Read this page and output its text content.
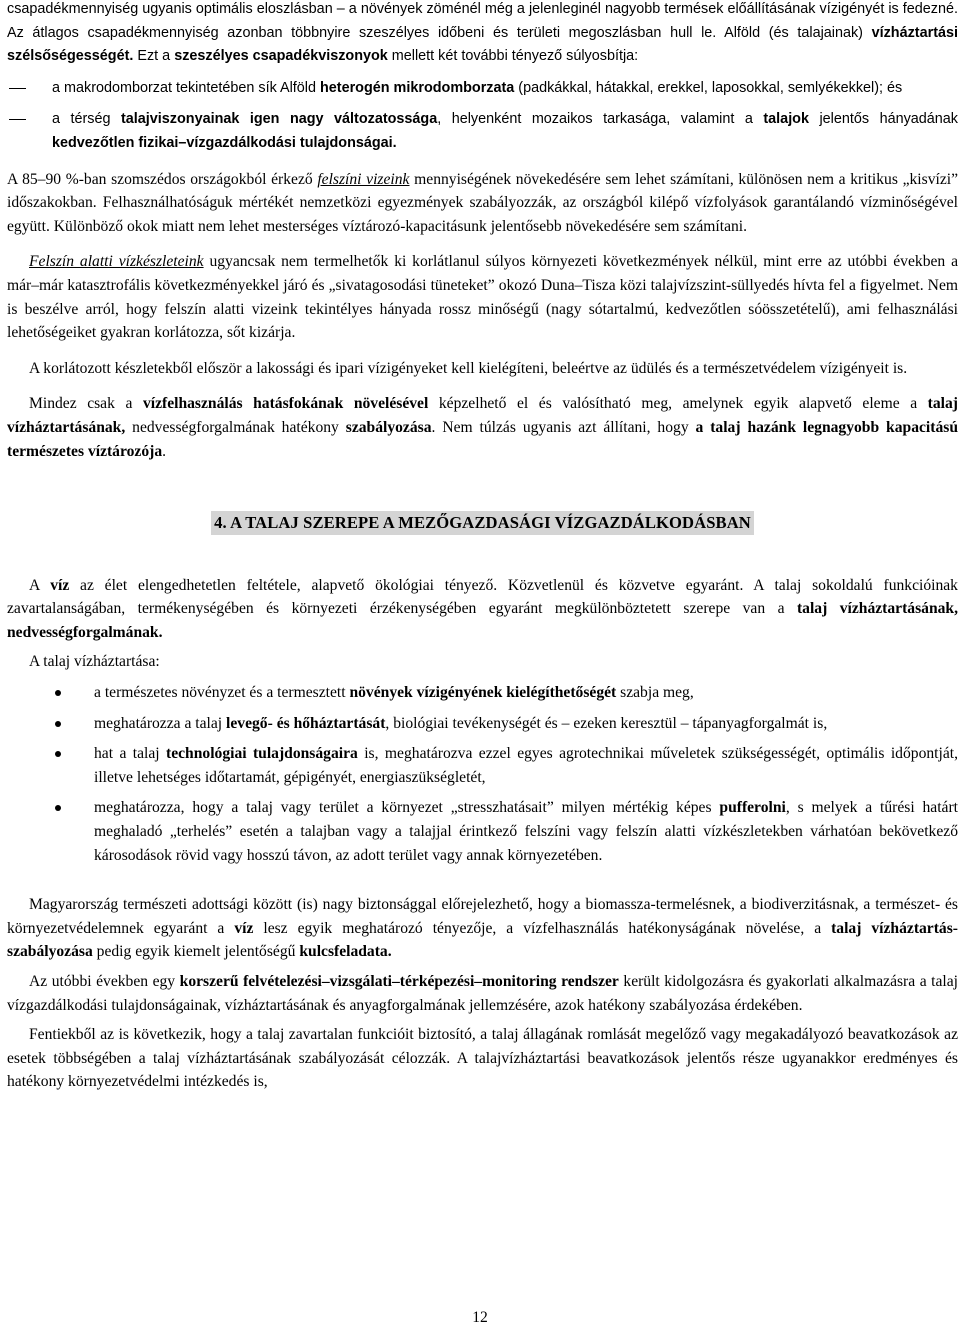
csapadékmennyiség ugyanis optimális eloszlásban – a növények zöménél még a jelenleginél nagyobb termések előállításának vízigényét is fedezné. Az átlagos csapadékmennyiség azonban többnyire szeszélyes időbeni és területi megoszlásban hull le. Alföld (és talajainak) vízháztartási szélsőségességét. Ezt a szeszélyes csapadékviszonyok mellett két további tényező súlyosbítja:

a makrodomborzat tekintetében sík Alföld heterogén mikrodomborzata (padkákkal, hátakkal, erekkel, laposokkal, semlyékekkel); és
a térség talajviszonyainak igen nagy változatossága, helyenként mozaikos tarkasága, valamint a talajok jelentős hányadának kedvezőtlen fizikai–vízgazdálkodási tulajdonságai.

A 85–90 %-ban szomszédos országokból érkező felszíni vizeink mennyiségének növekedésére sem lehet számítani, különösen nem a kritikus „kisvízi” időszakokban. Felhasználhatóságuk mértékét nemzetközi egyezmények szabályozzák, az országból kilépő vízfolyások garantálandó vízminőségével együtt. Különböző okok miatt nem lehet mesterséges víztározó-kapacitásunk jelentősebb növekedésére sem számítani.

Felszín alatti vízkészleteink ugyancsak nem termelhetők ki korlátlanul súlyos környezeti következmények nélkül, mint erre az utóbbi években a már–már katasztrofális következményekkel járó és „sivatagosodási tüneteket” okozó Duna–Tisza közi talajvízszint-süllyedés hívta fel a figyelmet. Nem is beszélve arról, hogy felszín alatti vizeink tekintélyes hányada rossz minőségű (nagy sótartalmú, kedvezőtlen sóösszetételű), ami felhasználási lehetőségeiket gyakran korlátozza, sőt kizárja.

A korlátozott készletekből először a lakossági és ipari vízigényeket kell kielégíteni, beleértve az üdülés és a természetvédelem vízigényeit is.

Mindez csak a vízfelhasználás hatásfokának növelésével képzelhető el és valósítható meg, amelynek egyik alapvető eleme a talaj vízháztartásának, nedvességforgalmának hatékony szabályozása. Nem túlzás ugyanis azt állítani, hogy a talaj hazánk legnagyobb kapacitású természetes víztározója.

4. A TALAJ SZEREPE A MEZŐGAZDASÁGI VÍZGAZDÁLKODÁSBAN

A víz az élet elengedhetetlen feltétele, alapvető ökológiai tényező. Közvetlenül és közvetve egyaránt. A talaj sokoldalú funkcióinak zavartalanságában, termékenységében és környezeti érzékenységében egyaránt megkülönböztetett szerepe van a talaj vízháztartásának, nedvességforgalmának.

A talaj vízháztartása:

a természetes növényzet és a termesztett növények vízigényének kielégíthetőségét szabja meg,
meghatározza a talaj levegő- és hőháztartását, biológiai tevékenységét és – ezeken keresztül – tápanyagforgalmát is,
hat a talaj technológiai tulajdonságaira is, meghatározva ezzel egyes agrotechnikai műveletek szükségességét, optimális időpontját, illetve lehetséges időtartamát, gépigényét, energiaszükségletét,
meghatározza, hogy a talaj vagy terület a környezet „stresszhatásait” milyen mértékig képes pufferolni, s melyek a tűrési határt meghaladó „terhelés” esetén a talajban vagy a talajjal érintkező felszíni vagy felszín alatti vízkészletekben várhatóan bekövetkező károsodások rövid vagy hosszú távon, az adott terület vagy annak környezetében.

Magyarország természeti adottsági között (is) nagy biztonsággal előrejelezhető, hogy a biomassza-termelésnek, a biodiverzitásnak, a természet- és környezetvédelemnek egyaránt a víz lesz egyik meghatározó tényezője, a vízfelhasználás hatékonyságának növelése, a talaj vízháztartás-szabályozása pedig egyik kiemelt jelentőségű kulcsfeladata.

Az utóbbi években egy korszerű felvételezési–vizsgálati–térképezési–monitoring rendszer került kidolgozásra és gyakorlati alkalmazásra a talaj vízgazdálkodási tulajdonságainak, vízháztartásának és anyagforgalmának jellemzésére, azok hatékony szabályozása érdekében.

Fentiekből az is következik, hogy a talaj zavartalan funkcióit biztosító, a talaj állagának romlását megelőző vagy megakadályozó beavatkozások az esetek többségében a talaj vízháztartásának szabályozását célozzák. A talajvízháztartási beavatkozások jelentős része ugyanakkor eredményes és hatékony környezetvédelmi intézkedés is,

12
